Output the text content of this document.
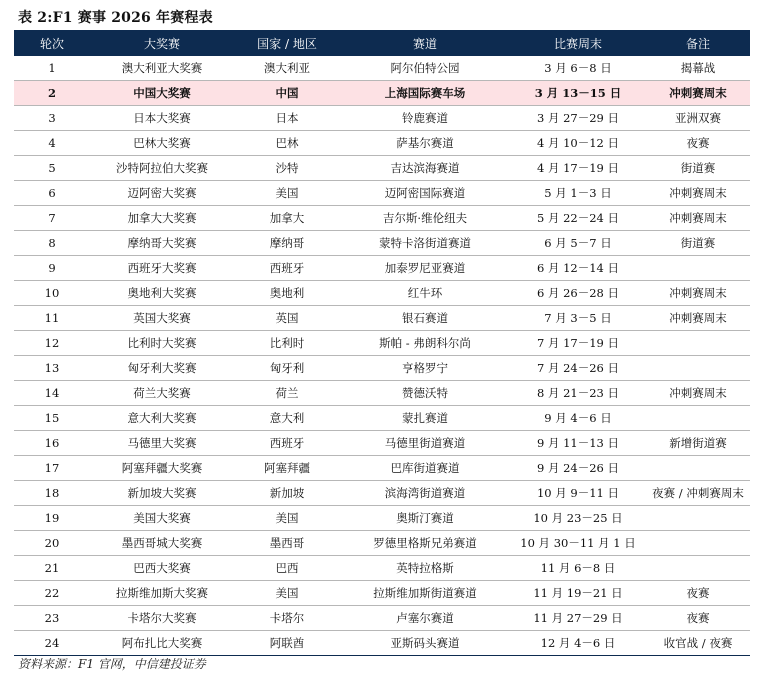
表 2:F1 赛事 2026 年赛程表
轮次	大奖赛	国家 / 地区	赛道	比赛周末	备注
1	澳大利亚大奖赛	澳大利亚	阿尔伯特公园	3 月 6－8 日	揭幕战
2	中国大奖赛	中国	上海国际赛车场	3 月 13－15 日	冲刺赛周末
3	日本大奖赛	日本	铃鹿赛道	3 月 27－29 日	亚洲双赛
4	巴林大奖赛	巴林	萨基尔赛道	4 月 10－12 日	夜赛
5	沙特阿拉伯大奖赛	沙特	吉达滨海赛道	4 月 17－19 日	街道赛
6	迈阿密大奖赛	美国	迈阿密国际赛道	5 月 1－3 日	冲刺赛周末
7	加拿大大奖赛	加拿大	吉尔斯·维伦纽夫	5 月 22－24 日	冲刺赛周末
8	摩纳哥大奖赛	摩纳哥	蒙特卡洛街道赛道	6 月 5－7 日	街道赛
9	西班牙大奖赛	西班牙	加泰罗尼亚赛道	6 月 12－14 日	
10	奥地利大奖赛	奥地利	红牛环	6 月 26－28 日	冲刺赛周末
11	英国大奖赛	英国	银石赛道	7 月 3－5 日	冲刺赛周末
12	比利时大奖赛	比利时	斯帕 - 弗朗科尔尚	7 月 17－19 日	
13	匈牙利大奖赛	匈牙利	亨格罗宁	7 月 24－26 日	
14	荷兰大奖赛	荷兰	赞德沃特	8 月 21－23 日	冲刺赛周末
15	意大利大奖赛	意大利	蒙扎赛道	9 月 4－6 日	
16	马德里大奖赛	西班牙	马德里街道赛道	9 月 11－13 日	新增街道赛
17	阿塞拜疆大奖赛	阿塞拜疆	巴库街道赛道	9 月 24－26 日	
18	新加坡大奖赛	新加坡	滨海湾街道赛道	10 月 9－11 日	夜赛 / 冲刺赛周末
19	美国大奖赛	美国	奥斯汀赛道	10 月 23－25 日	
20	墨西哥城大奖赛	墨西哥	罗德里格斯兄弟赛道	10 月 30－11 月 1 日	
21	巴西大奖赛	巴西	英特拉格斯	11 月 6－8 日	
22	拉斯维加斯大奖赛	美国	拉斯维加斯街道赛道	11 月 19－21 日	夜赛
23	卡塔尔大奖赛	卡塔尔	卢塞尔赛道	11 月 27－29 日	夜赛
24	阿布扎比大奖赛	阿联酋	亚斯码头赛道	12 月 4－6 日	收官战 / 夜赛
资料来源：F1 官网，中信建投证券
